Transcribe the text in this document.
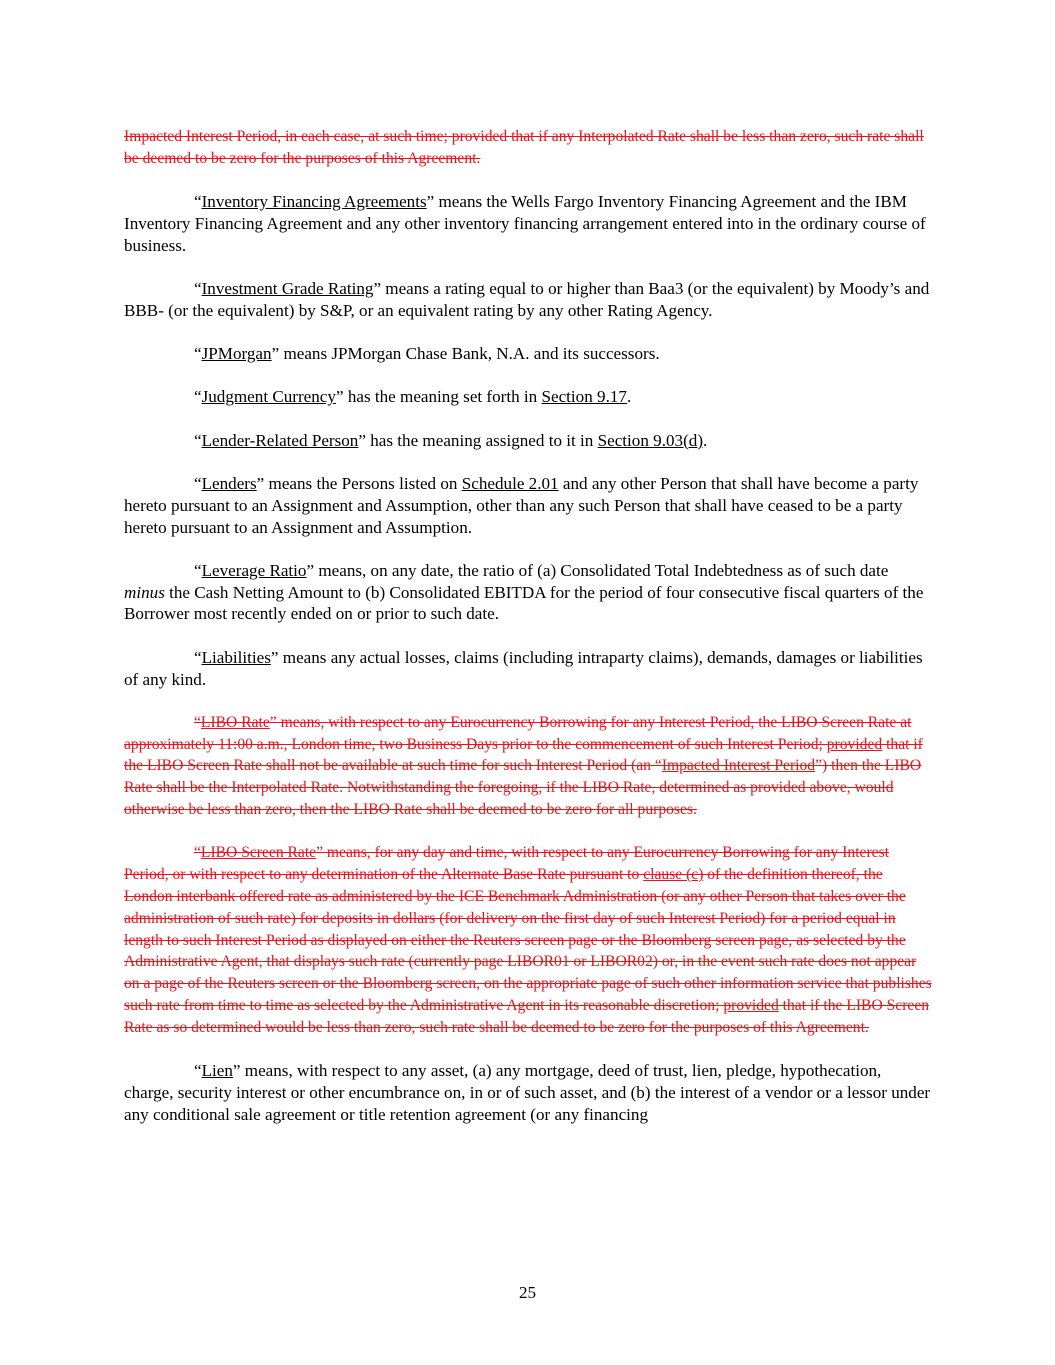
Impacted Interest Period, in each case, at such time; provided that if any Interpolated Rate shall be less than zero, such rate shall be deemed to be zero for the purposes of this Agreement.

“Inventory Financing Agreements” means the Wells Fargo Inventory Financing Agreement and the IBM Inventory Financing Agreement and any other inventory financing arrangement entered into in the ordinary course of business.

“Investment Grade Rating” means a rating equal to or higher than Baa3 (or the equivalent) by Moody’s and BBB- (or the equivalent) by S&P, or an equivalent rating by any other Rating Agency.

“JPMorgan” means JPMorgan Chase Bank, N.A. and its successors.

“Judgment Currency” has the meaning set forth in Section 9.17.

“Lender-Related Person” has the meaning assigned to it in Section 9.03(d).

“Lenders” means the Persons listed on Schedule 2.01 and any other Person that shall have become a party hereto pursuant to an Assignment and Assumption, other than any such Person that shall have ceased to be a party hereto pursuant to an Assignment and Assumption.

“Leverage Ratio” means, on any date, the ratio of (a) Consolidated Total Indebtedness as of such date minus the Cash Netting Amount to (b) Consolidated EBITDA for the period of four consecutive fiscal quarters of the Borrower most recently ended on or prior to such date.

“Liabilities” means any actual losses, claims (including intraparty claims), demands, damages or liabilities of any kind.

“LIBO Rate” means, with respect to any Eurocurrency Borrowing for any Interest Period, the LIBO Screen Rate at approximately 11:00 a.m., London time, two Business Days prior to the commencement of such Interest Period; provided that if the LIBO Screen Rate shall not be available at such time for such Interest Period (an “Impacted Interest Period”) then the LIBO Rate shall be the Interpolated Rate. Notwithstanding the foregoing, if the LIBO Rate, determined as provided above, would otherwise be less than zero, then the LIBO Rate shall be deemed to be zero for all purposes.

“LIBO Screen Rate” means, for any day and time, with respect to any Eurocurrency Borrowing for any Interest Period, or with respect to any determination of the Alternate Base Rate pursuant to clause (c) of the definition thereof, the London interbank offered rate as administered by the ICE Benchmark Administration (or any other Person that takes over the administration of such rate) for deposits in dollars (for delivery on the first day of such Interest Period) for a period equal in length to such Interest Period as displayed on either the Reuters screen page or the Bloomberg screen page, as selected by the Administrative Agent, that displays such rate (currently page LIBOR01 or LIBOR02) or, in the event such rate does not appear on a page of the Reuters screen or the Bloomberg screen, on the appropriate page of such other information service that publishes such rate from time to time as selected by the Administrative Agent in its reasonable discretion; provided that if the LIBO Screen Rate as so determined would be less than zero, such rate shall be deemed to be zero for the purposes of this Agreement.

“Lien” means, with respect to any asset, (a) any mortgage, deed of trust, lien, pledge, hypothecation, charge, security interest or other encumbrance on, in or of such asset, and (b) the interest of a vendor or a lessor under any conditional sale agreement or title retention agreement (or any financing

25
